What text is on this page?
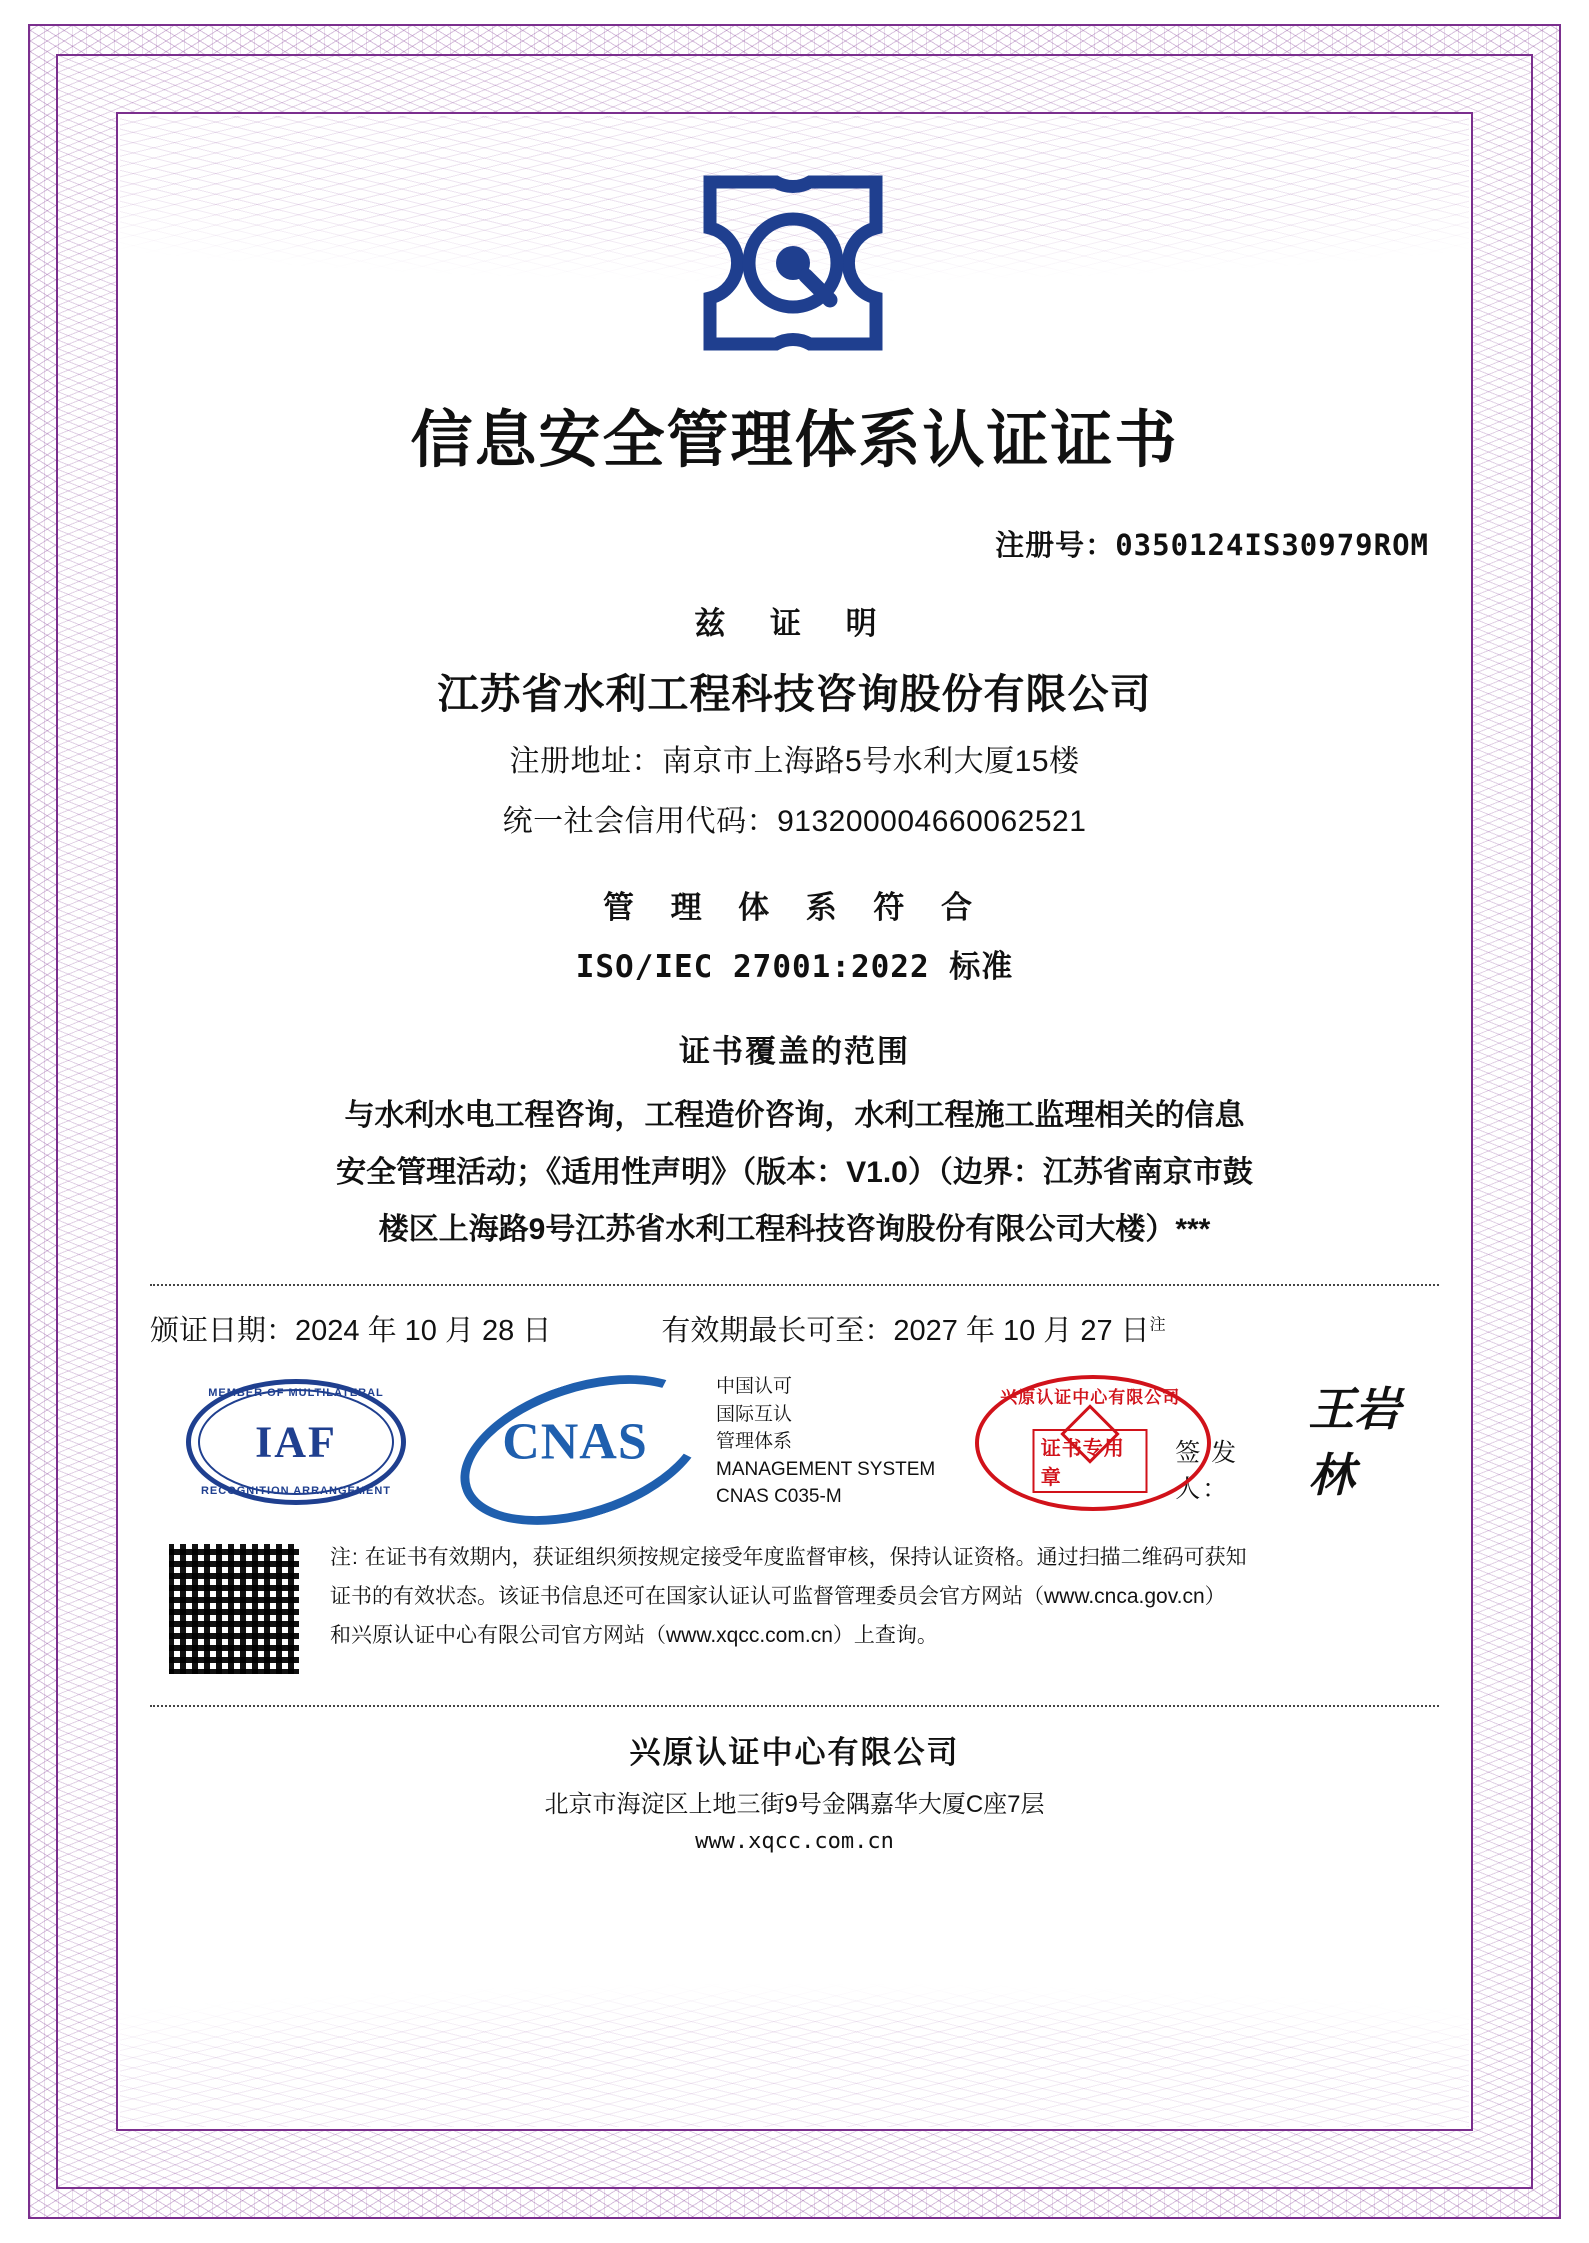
信息安全管理体系认证证书
注册号：0350124IS30979ROM
兹 证 明
江苏省水利工程科技咨询股份有限公司
注册地址：南京市上海路5号水利大厦15楼
统一社会信用代码：913200004660062521
管 理 体 系 符 合
ISO/IEC 27001:2022 标准
证书覆盖的范围
与水利水电工程咨询，工程造价咨询，水利工程施工监理相关的信息
安全管理活动；《适用性声明》（版本：V1.0）（边界：江苏省南京市鼓
楼区上海路9号江苏省水利工程科技咨询股份有限公司大楼）***
颁证日期：2024 年 10 月 28 日	有效期最长可至：2027 年 10 月 27 日$^注$
MEMBER OF MULTILATERAL
IAF
RECOGNITION ARRANGEMENT
CNAS
中国认可
国际互认
管理体系
MANAGEMENT SYSTEM
CNAS C035-M
兴原认证中心有限公司
证书专用章
签 发 人：
王岩林
注: 在证书有效期内，获证组织须按规定接受年度监督审核，保持认证资格。通过扫描二维码可获知
证书的有效状态。该证书信息还可在国家认证认可监督管理委员会官方网站（www.cnca.gov.cn）
和兴原认证中心有限公司官方网站（www.xqcc.com.cn）上查询。
兴原认证中心有限公司
北京市海淀区上地三街9号金隅嘉华大厦C座7层
www.xqcc.com.cn
